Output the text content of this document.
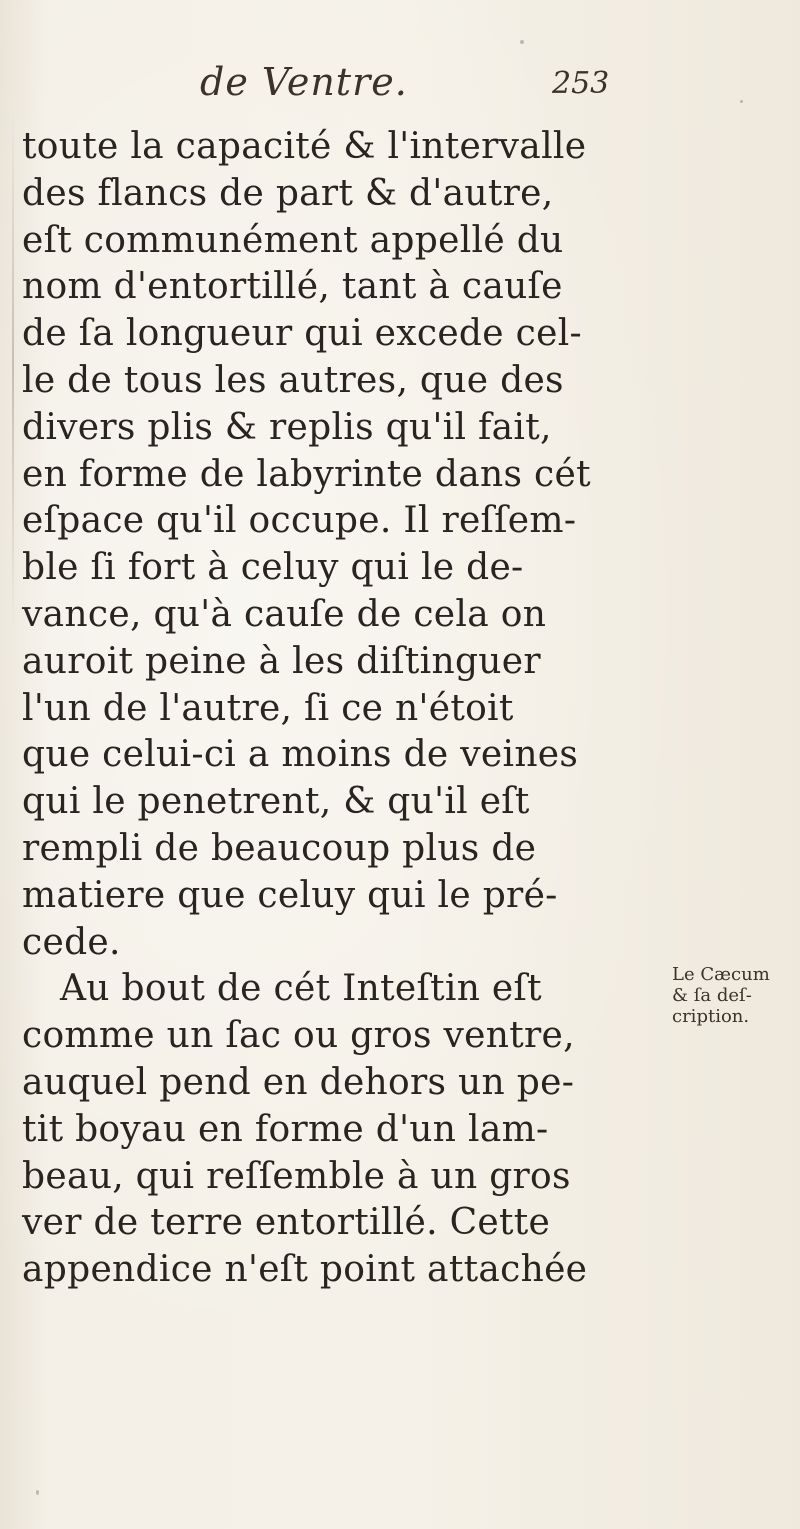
de Ventre.	253
toute la capacité & l'intervalle
des flancs de part & d'autre,
eſt communément appellé du
nom d'entortillé, tant à cauſe
de ſa longueur qui excede cel-
le de tous les autres, que des
divers plis & replis qu'il fait,
en forme de labyrinte dans cét
eſpace qu'il occupe. Il reſſem-
ble ſi fort à celuy qui le de-
vance, qu'à cauſe de cela on
auroit peine à les diſtinguer
l'un de l'autre, ſi ce n'étoit
que celui-ci a moins de veines
qui le penetrent, & qu'il eſt
rempli de beaucoup plus de
matiere que celuy qui le pré-
cede.
Au bout de cét Inteſtin eſt
comme un ſac ou gros ventre,
auquel pend en dehors un pe-
tit boyau en forme d'un lam-
beau, qui reſſemble à un gros
ver de terre entortillé. Cette
appendice n'eſt point attachée
Le Cæcum
& ſa deſ-
cription.
